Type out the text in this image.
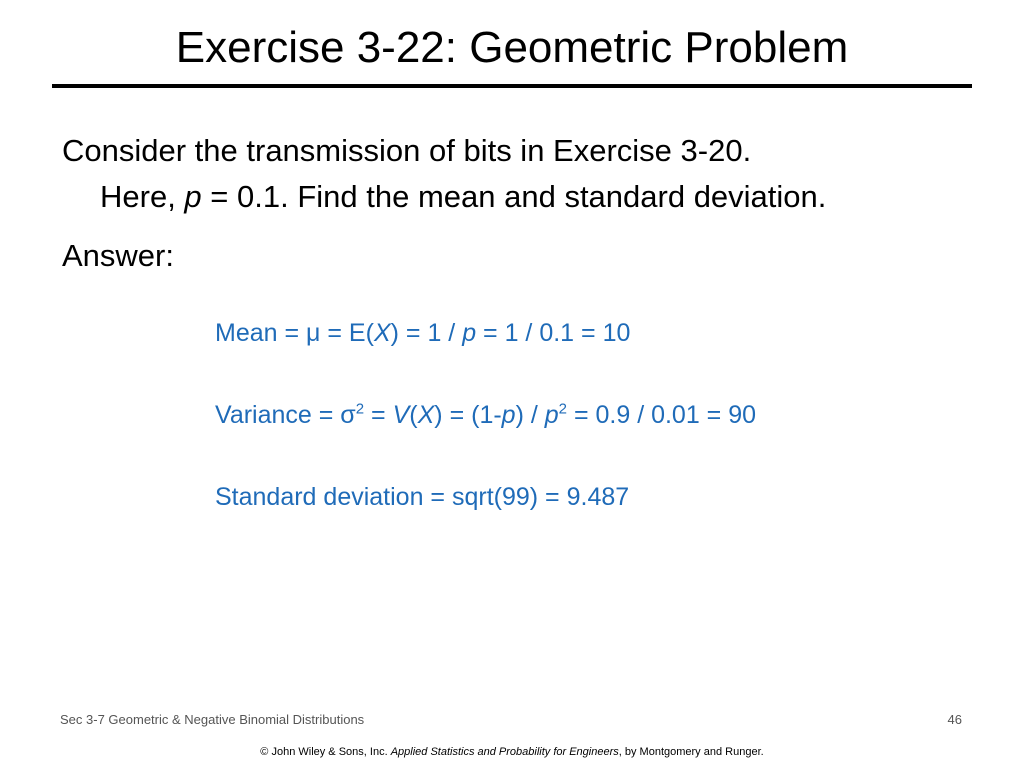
Exercise 3-22: Geometric Problem
Consider the transmission of bits in Exercise 3-20.
Here, p = 0.1. Find the mean and standard deviation.
Answer:
Mean = μ = E(X) = 1 / p = 1 / 0.1 = 10
Variance = $\sigma^2 = V(X) = (1-p) / p^2 = 0.9 / 0.01 = 90$
Standard deviation = sqrt(99) = 9.487
Sec 3-7 Geometric & Negative Binomial Distributions	46
© John Wiley & Sons, Inc. Applied Statistics and Probability for Engineers, by Montgomery and Runger.
